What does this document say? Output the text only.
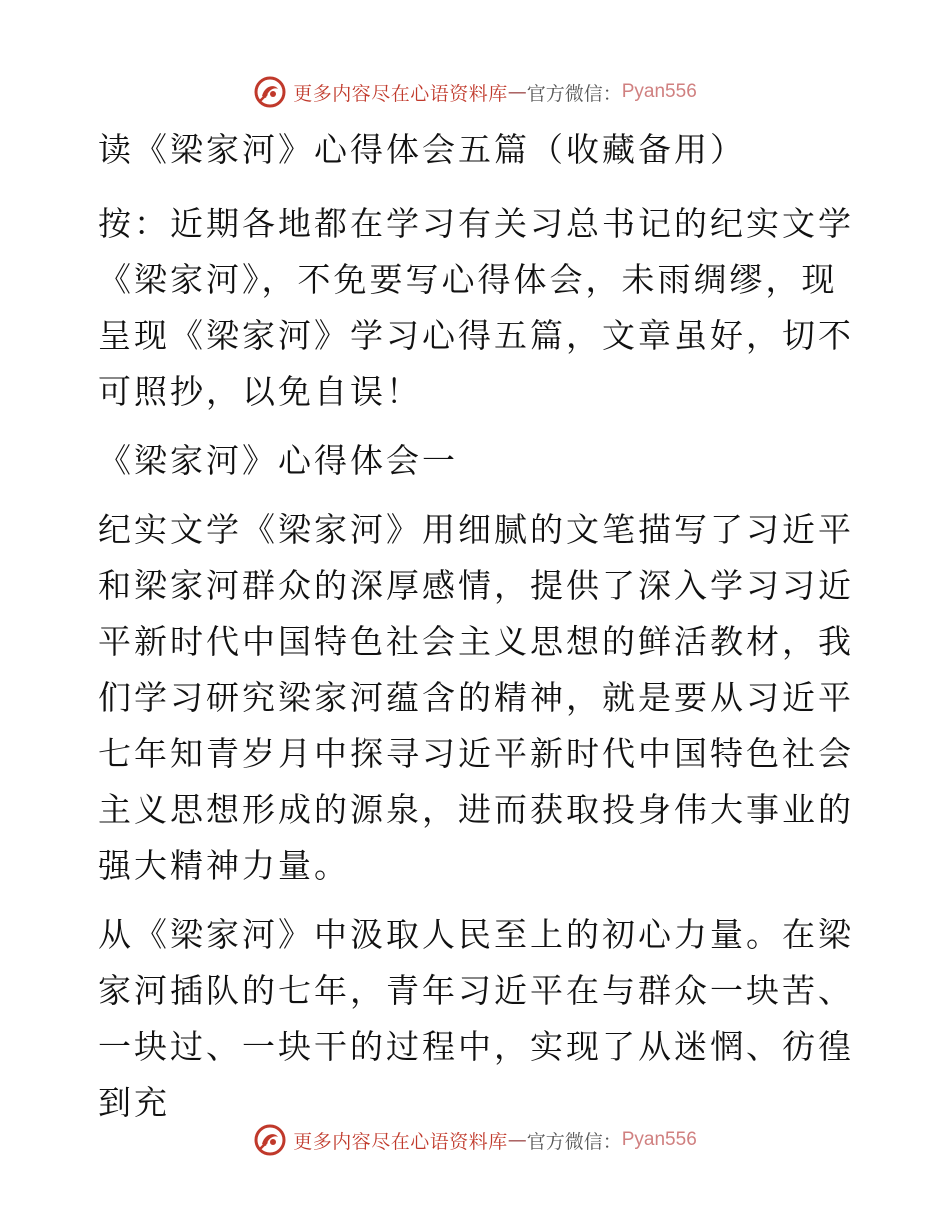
更多内容尽在心语资料库 — 官方微信： Pyan556

读《梁家河》心得体会五篇（收藏备用）

按：近期各地都在学习有关习总书记的纪实文学《梁家河》，不免要写心得体会，未雨绸缪，现呈现《梁家河》学习心得五篇，文章虽好，切不可照抄，以免自误！

《梁家河》心得体会一

纪实文学《梁家河》用细腻的文笔描写了习近平和梁家河群众的深厚感情，提供了深入学习习近平新时代中国特色社会主义思想的鲜活教材，我们学习研究梁家河蕴含的精神，就是要从习近平七年知青岁月中探寻习近平新时代中国特色社会主义思想形成的源泉，进而获取投身伟大事业的强大精神力量。

从《梁家河》中汲取人民至上的初心力量。在梁家河插队的七年，青年习近平在与群众一块苦、一块过、一块干的过程中，实现了从迷惘、彷徨到充

更多内容尽在心语资料库 — 官方微信： Pyan556
